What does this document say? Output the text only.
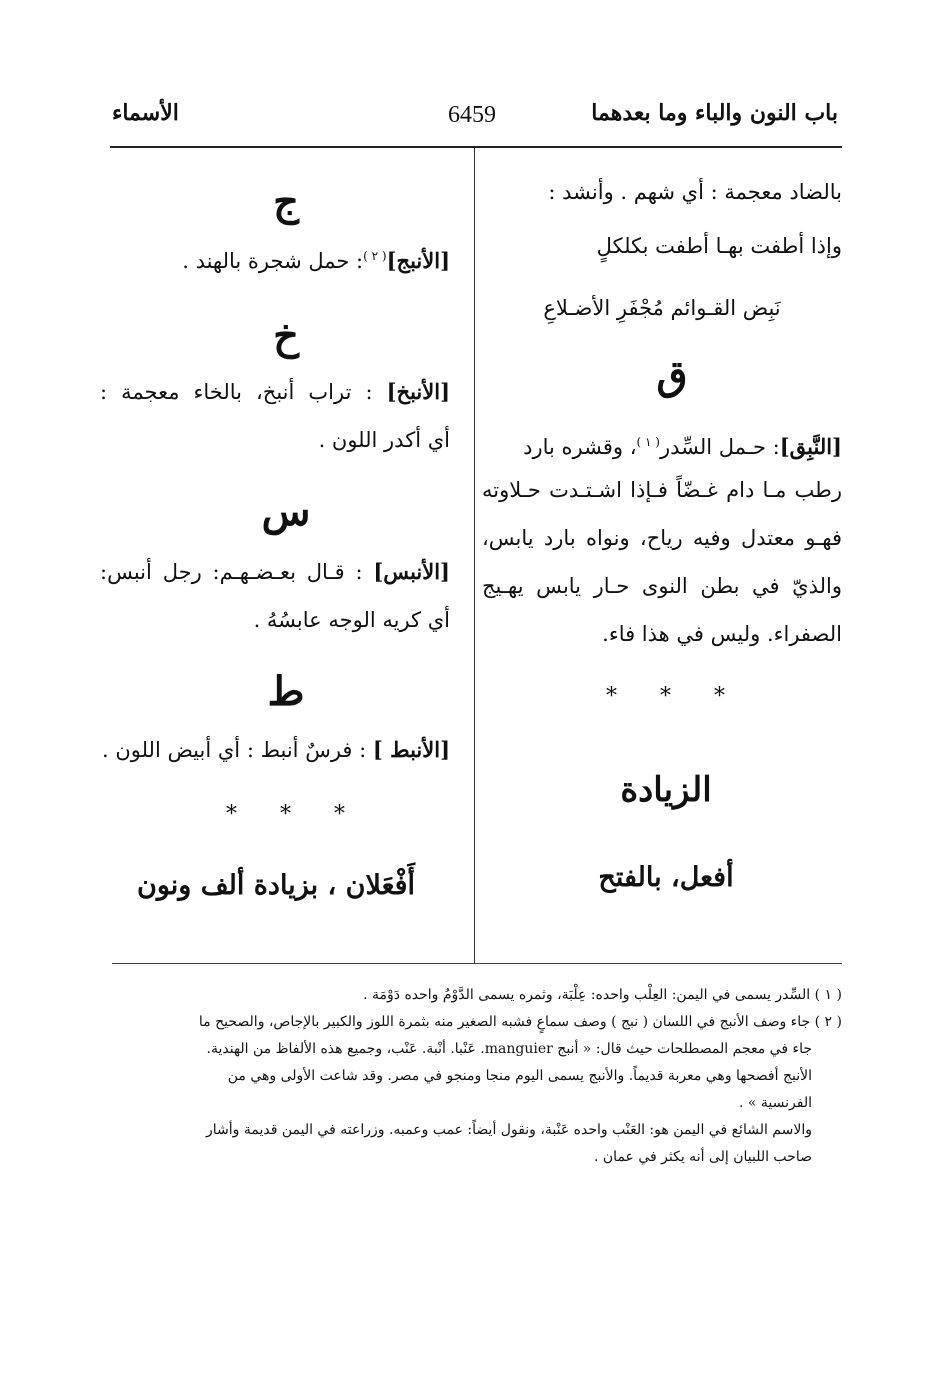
باب النون والباء وما بعدهما
6459
الأسماء
بالضاد معجمة : أي شهم . وأنشد :
وإذا أطفت بهـا أطفت بكلكلٍ
نَبِض القـوائم مُجْفَرِ الأضـلاعِ
ق
[النَّبِق]: حـمل السِّدر$^{( ١ )}$، وقشره بارد
رطب مـا دام غـضّاً فـإذا اشـتـدت حـلاوته
فهـو معتدل وفيه رياح، ونواه بارد يابس،
والذيّ في بطن النوى حـار يابس يهـيج
الصفراء. وليس في هذا فاء.
* * *
الزيادة
أفعل، بالفتح
ج
[الأنبج]$^{( ٢ )}$: حمل شجرة بالهند .
خ
[الأنبخ] : تراب أنبخ، بالخاء معجمة :
أي أكدر اللون .
س
[الأنبس] : قـال بعـضـهـم: رجل أنبس:
أي كريه الوجه عابسُهُ .
ط
[الأنبط ] : فرسٌ أنبط : أي أبيض اللون .
* * *
أَفْعَلان ، بزيادة ألف ونون
( ١ ) السِّدر يسمى في اليمن: العِلْب واحده: عِلْبَة، وثمره يسمى الدَّوْمُ واحده دَوْمَة .
( ٢ ) جاء وصف الأنبج في اللسان ( نبج ) وصف سماعٍ فشبه الصغير منه بثمرة اللوز والكبير بالإجاص، والصحيح ما
جاء في معجم المصطلحات حيث قال: « أنبج manguier. عَنْبا. أنْبة. عَنْب، وجميع هذه الألفاظ من الهندية.
الأنبج أفصحها وهي معربة قديماً. والأنبج يسمى اليوم منجا ومنجو في مصر. وقد شاعت الأولى وهي من
الفرنسية » .
والاسم الشائع في اليمن هو: العَنْب واحده عَنْبة، ونقول أيضاً: عمب وعمبه. وزراعته في اليمن قديمة وأشار
صاحب اللبيان إلى أنه يكثر في عمان .
